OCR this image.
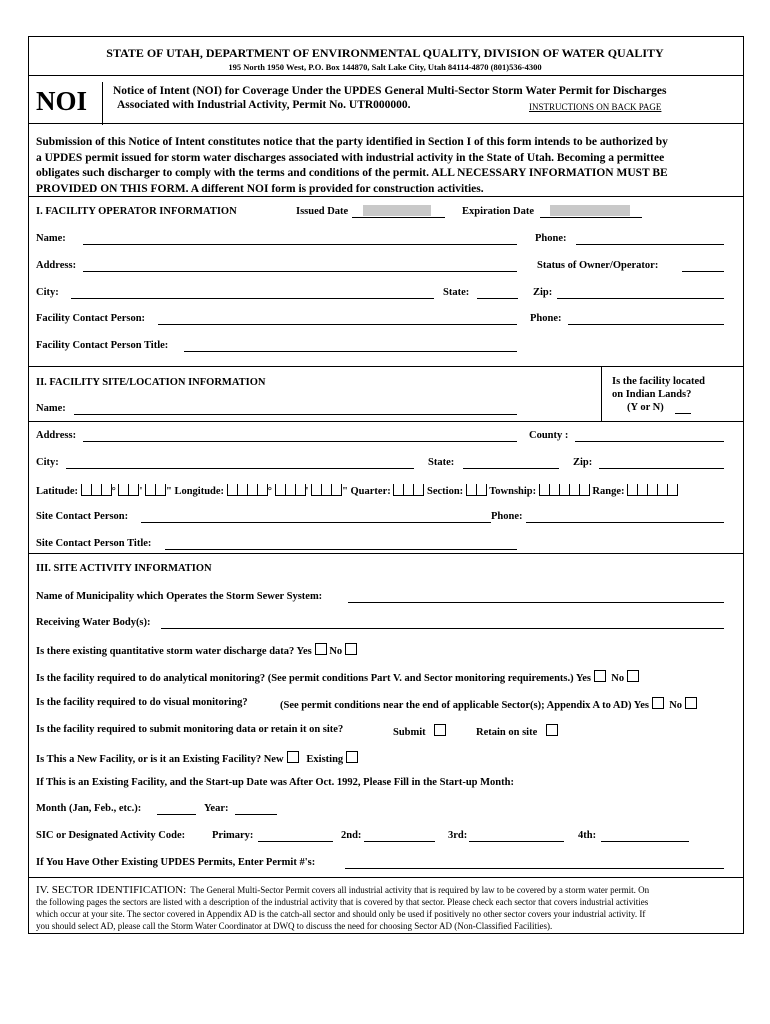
STATE OF UTAH, DEPARTMENT OF ENVIRONMENTAL QUALITY, DIVISION OF WATER QUALITY
195 North 1950 West, P.O. Box 144870, Salt Lake City, Utah 84114-4870 (801)536-4300
NOI Notice of Intent (NOI) for Coverage Under the UPDES General Multi-Sector Storm Water Permit for Discharges
Associated with Industrial Activity, Permit No. UTR000000.	INSTRUCTIONS ON BACK PAGE
Submission of this Notice of Intent constitutes notice that the party identified in Section I of this form intends to be authorized by
a UPDES permit issued for storm water discharges associated with industrial activity in the State of Utah. Becoming a permittee
obligates such discharger to comply with the terms and conditions of the permit. ALL NECESSARY INFORMATION MUST BE
PROVIDED ON THIS FORM. A different NOI form is provided for construction activities.
I. FACILITY OPERATOR INFORMATION	Issued Date	Expiration Date
Name:	Phone:
Address:	Status of Owner/Operator:
City:	State:	Zip:
Facility Contact Person:	Phone:
Facility Contact Person Title:
II. FACILITY SITE/LOCATION INFORMATION	Is the facility located
on Indian Lands?
(Y or N)
Name:
Address:	County :
City:	State:	Zip:
Latitude:	° ' " Longitude:	°	'	" Quarter:	Section: Township:	Range:
Site Contact Person:	Phone:
Site Contact Person Title:
III. SITE ACTIVITY INFORMATION
Name of Municipality which Operates the Storm Sewer System:
Receiving Water Body(s):
Is there existing quantitative storm water discharge data? Yes No
Is the facility required to do analytical monitoring? (See permit conditions Part V. and Sector monitoring requirements.) Yes No
Is the facility required to do visual monitoring?	(See permit conditions near the end of applicable Sector(s); Appendix A to AD) Yes No
Is the facility required to submit monitoring data or retain it on site?	Submit	Retain on site
Is This a New Facility, or is it an Existing Facility? New Existing
If This is an Existing Facility, and the Start-up Date was After Oct. 1992, Please Fill in the Start-up Month:
Month (Jan, Feb., etc.):	Year:
SIC or Designated Activity Code:	Primary:	2nd:	3rd:	4th:
If You Have Other Existing UPDES Permits, Enter Permit #'s:
IV. SECTOR IDENTIFICATION: The General Multi-Sector Permit covers all industrial activity that is required by law to be covered by a storm water permit. On
the following pages the sectors are listed with a description of the industrial activity that is covered by that sector. Please check each sector that covers industrial activities
which occur at your site. The sector covered in Appendix AD is the catch-all sector and should only be used if positively no other sector covers your industrial activity. If
you should select AD, please call the Storm Water Coordinator at DWQ to discuss the need for choosing Sector AD (Non-Classified Facilities).
